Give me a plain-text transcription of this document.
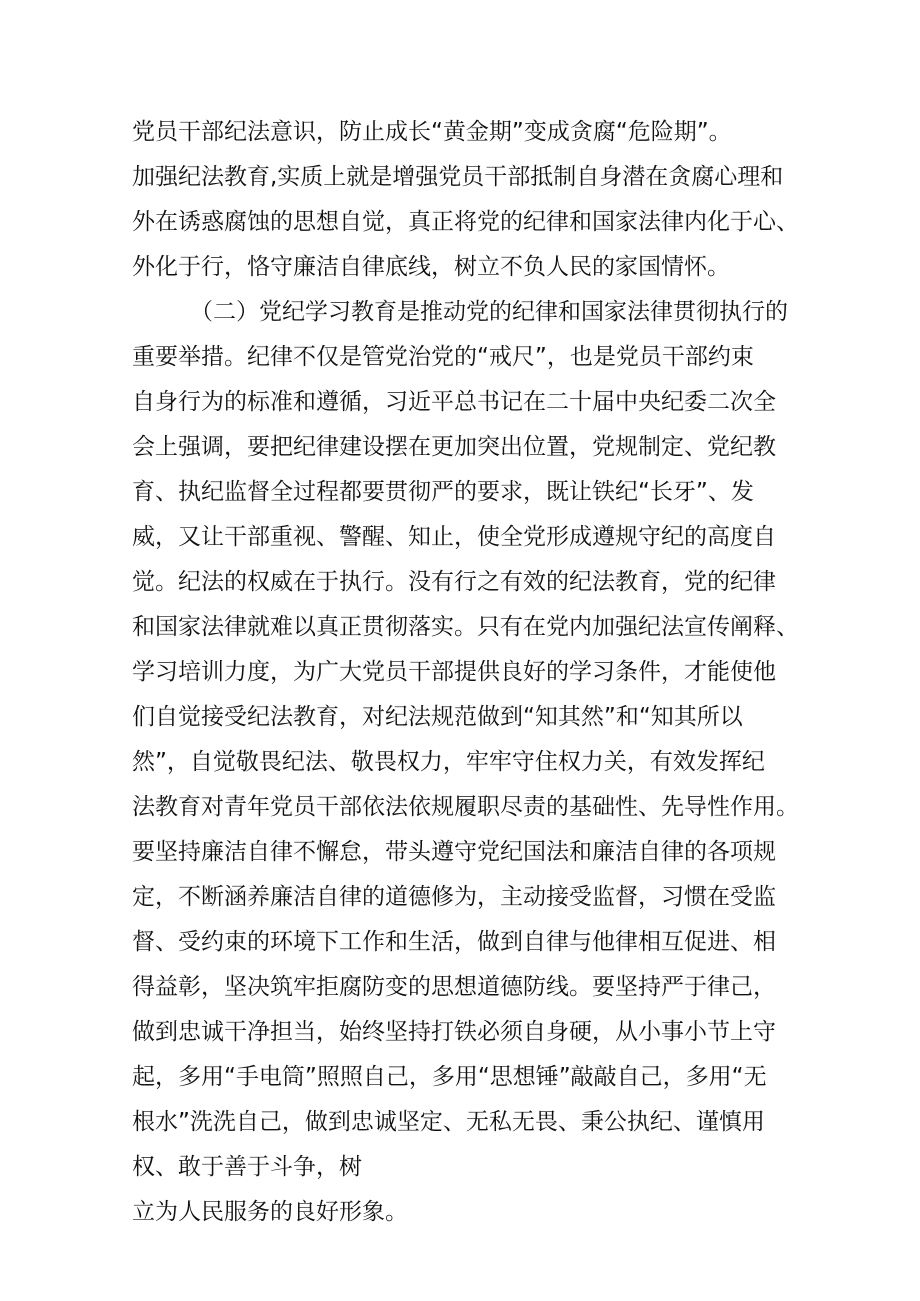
党员干部纪法意识，防止成长“黄金期”变成贪腐“危险期”。
加强纪法教育,实质上就是增强党员干部抵制自身潜在贪腐心理和
外在诱惑腐蚀的思想自觉，真正将党的纪律和国家法律内化于心、
外化于行，恪守廉洁自律底线，树立不负人民的家国情怀。
（二）党纪学习教育是推动党的纪律和国家法律贯彻执行的
重要举措。纪律不仅是管党治党的“戒尺”，也是党员干部约束
自身行为的标准和遵循，习近平总书记在二十届中央纪委二次全
会上强调，要把纪律建设摆在更加突出位置，党规制定、党纪教
育、执纪监督全过程都要贯彻严的要求，既让铁纪“长牙”、发
威，又让干部重视、警醒、知止，使全党形成遵规守纪的高度自
觉。纪法的权威在于执行。没有行之有效的纪法教育，党的纪律
和国家法律就难以真正贯彻落实。只有在党内加强纪法宣传阐释、
学习培训力度，为广大党员干部提供良好的学习条件，才能使他
们自觉接受纪法教育，对纪法规范做到“知其然”和“知其所以
然”，自觉敬畏纪法、敬畏权力，牢牢守住权力关，有效发挥纪
法教育对青年党员干部依法依规履职尽责的基础性、先导性作用。
要坚持廉洁自律不懈怠，带头遵守党纪国法和廉洁自律的各项规
定，不断涵养廉洁自律的道德修为，主动接受监督，习惯在受监
督、受约束的环境下工作和生活，做到自律与他律相互促进、相
得益彰，坚决筑牢拒腐防变的思想道德防线。要坚持严于律己，
做到忠诚干净担当，始终坚持打铁必须自身硬，从小事小节上守
起，多用“手电筒”照照自己，多用“思想锤”敲敲自己，多用“无
根水”洗洗自己，做到忠诚坚定、无私无畏、秉公执纪、谨慎用
权、敢于善于斗争，树
立为人民服务的良好形象。
